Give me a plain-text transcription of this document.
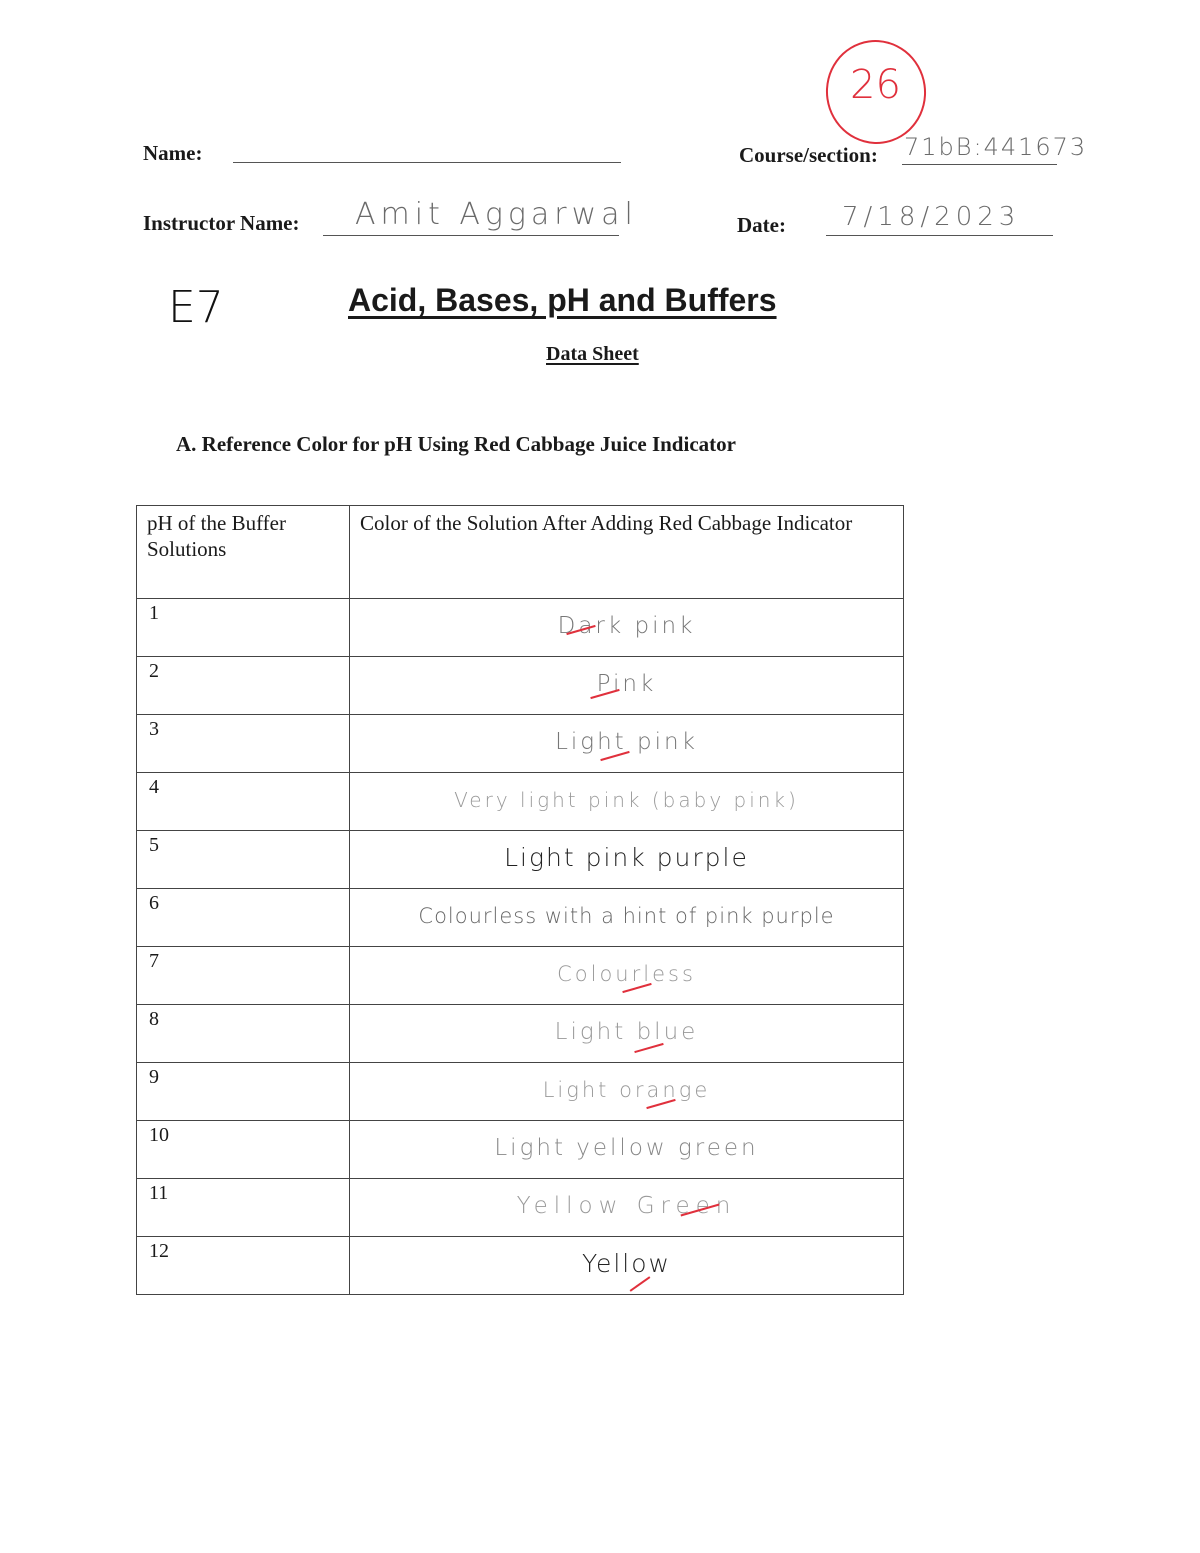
26
Name:	Course/section: 71bB:441673
Instructor Name: Amit Aggarwal	Date: 7/18/2023
E7	Acid, Bases, pH and Buffers
Data Sheet
A. Reference Color for pH Using Red Cabbage Juice Indicator
pH of the Buffer Solutions	Color of the Solution After Adding Red Cabbage Indicator
1	Dark pink

2	Pink

3	Light pink

4	Very light pink (baby pink)
5	Light pink purple
6	Colourless with a hint of pink purple
7	Colourless

8	Light blue

9	Light orange

10	Light yellow green
11	Yellow Green

12	Yellow
